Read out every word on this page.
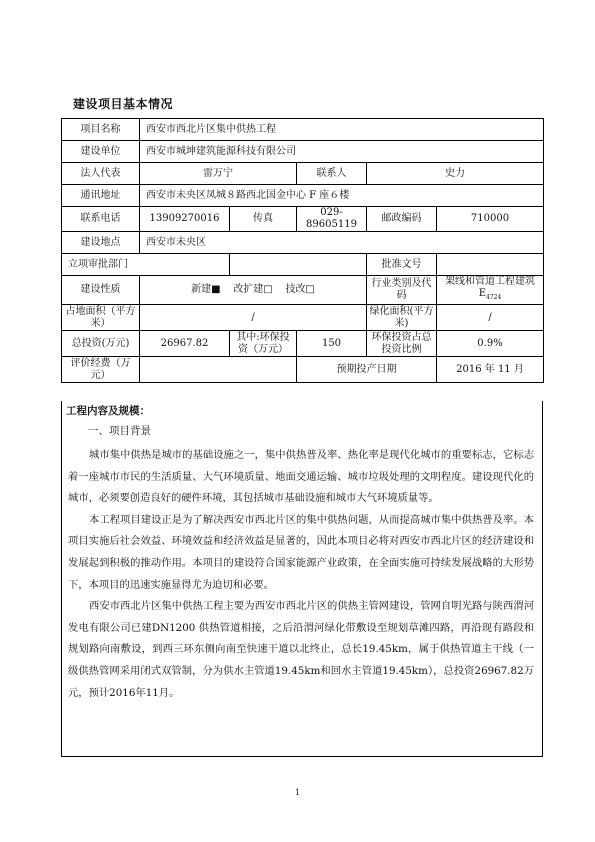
建设项目基本情况
项目名称	西安市西北片区集中供热工程				
建设单位	西安市城坤建筑能源科技有限公司				
法人代表	雷万宁		联系人	史力	
通讯地址	西安市未央区凤城８路西北国金中心 F 座６楼				
联系电话	13909270016	传真	029-89605119	邮政编码	710000
建设地点	西安市未央区				
立项审批部门				批准文号	
建设性质	新建■ 改扩建□ 技改□			行业类别及代码	架线和管道工程建筑 $E_{4724}$
占地面积（平方米）	/			绿化面积(平方米)	/
总投资(万元)	26967.82	其中:环保投资（万元）	150	环保投资占总投资比例	0.9%
评价经费（万元）			预期投产日期		2016 年 11 月
工程内容及规模：
一、项目背景

城市集中供热是城市的基础设施之一，集中供热普及率、热化率是现代化城市的重要标志，它标志着一座城市市民的生活质量、大气环境质量、地面交通运输、城市垃圾处理的文明程度。建设现代化的城市，必须要创造良好的硬件环境，其包括城市基础设施和城市大气环境质量等。

本工程项目建设正是为了解决西安市西北片区的集中供热问题，从而提高城市集中供热普及率。本项目实施后社会效益、环境效益和经济效益是显著的，因此本项目必将对西安市西北片区的经济建设和发展起到积极的推动作用。本项目的建设符合国家能源产业政策，在全面实施可持续发展战略的大形势下，本项目的迅速实施显得尤为迫切和必要。

西安市西北片区集中供热工程主要为西安市西北片区的供热主管网建设，管网自明光路与陕西渭河发电有限公司已建DN1200 供热管道相接，之后沿渭河绿化带敷设至规划草滩四路，再沿现有路段和规划路向南敷设，到西三环东侧向南至快速干道以北终止，总长19.45km，属于供热管道主干线（一级供热管网采用闭式双管制，分为供水主管道19.45km和回水主管道19.45km），总投资26967.82万元，预计2016年11月。

1
